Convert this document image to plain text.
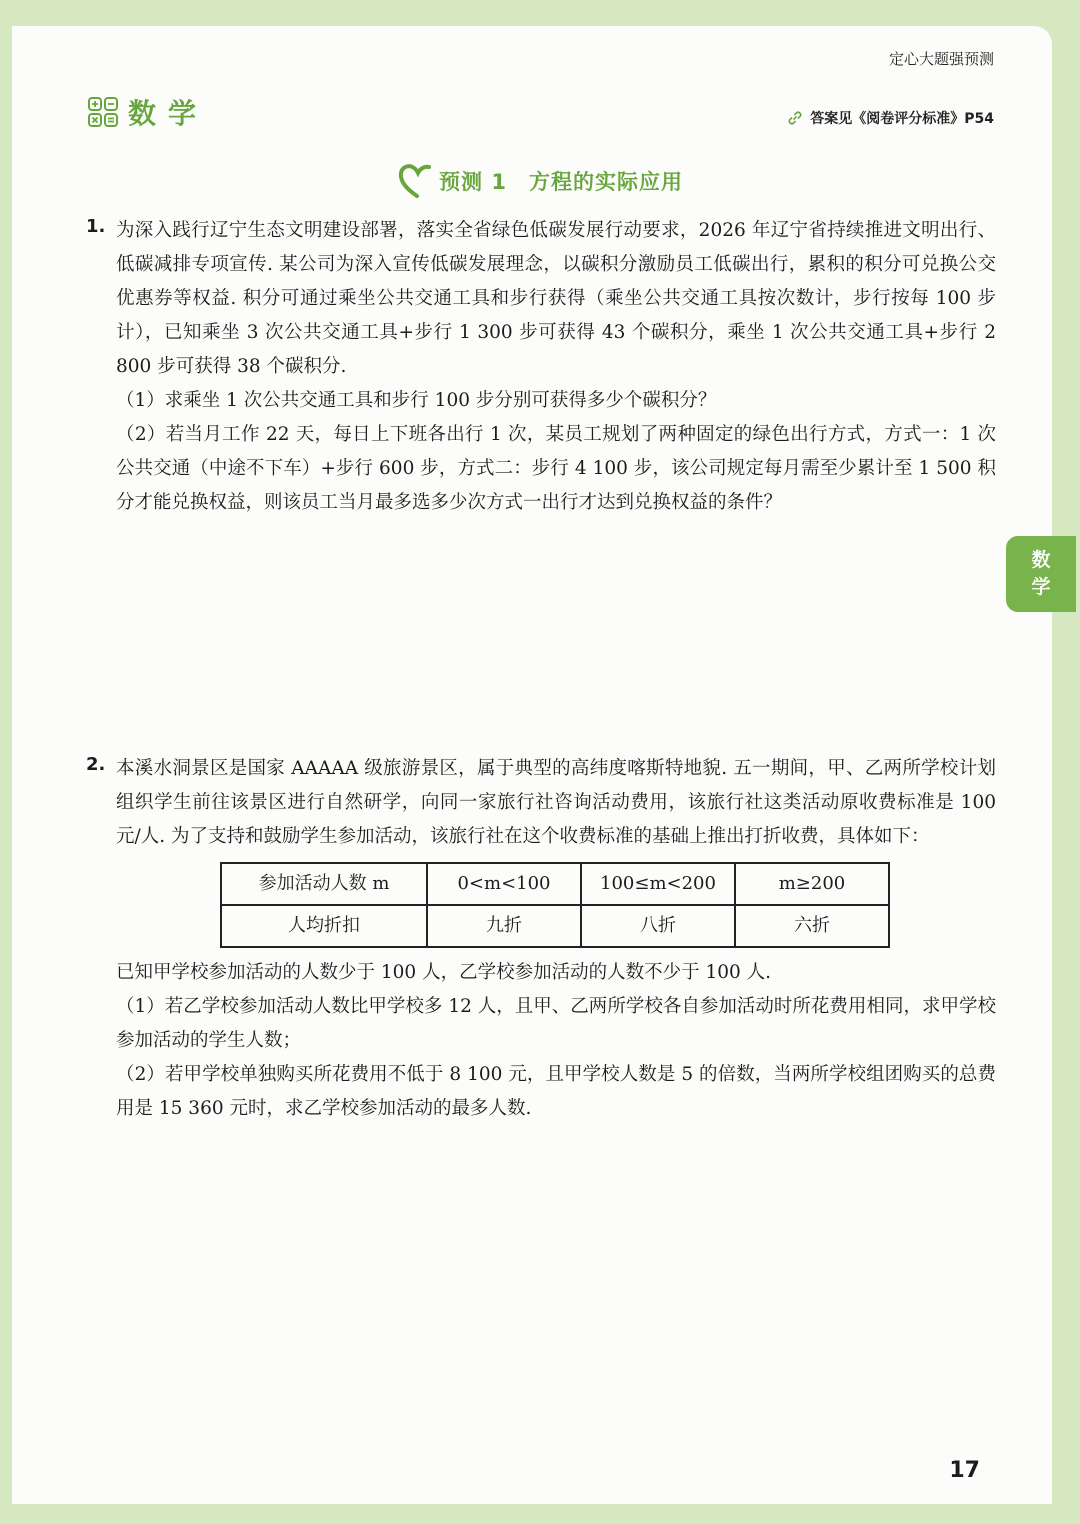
定心大题强预测
数学	答案见《阅卷评分标准》P54
预测 1 方程的实际应用
数学
1. 为深入践行辽宁生态文明建设部署，落实全省绿色低碳发展行动要求，2026 年辽宁省持续推进文明出行、低碳减排专项宣传. 某公司为深入宣传低碳发展理念，以碳积分激励员工低碳出行，累积的积分可兑换公交优惠券等权益. 积分可通过乘坐公共交通工具和步行获得（乘坐公共交通工具按次数计，步行按每 100 步计），已知乘坐 3 次公共交通工具+步行 1 300 步可获得 43 个碳积分，乘坐 1 次公共交通工具+步行 2 800 步可获得 38 个碳积分.

（1）求乘坐 1 次公共交通工具和步行 100 步分别可获得多少个碳积分？

（2）若当月工作 22 天，每日上下班各出行 1 次，某员工规划了两种固定的绿色出行方式，方式一：1 次公共交通（中途不下车）+步行 600 步，方式二：步行 4 100 步，该公司规定每月需至少累计至 1 500 积分才能兑换权益，则该员工当月最多选多少次方式一出行才达到兑换权益的条件？

2. 本溪水洞景区是国家 AAAAA 级旅游景区，属于典型的高纬度喀斯特地貌. 五一期间，甲、乙两所学校计划组织学生前往该景区进行自然研学，向同一家旅行社咨询活动费用，该旅行社这类活动原收费标准是 100 元/人. 为了支持和鼓励学生参加活动，该旅行社在这个收费标准的基础上推出打折收费，具体如下：

参加活动人数 m	0<m<100	100≤m<200	m≥200
人均折扣	九折	八折	六折

已知甲学校参加活动的人数少于 100 人，乙学校参加活动的人数不少于 100 人.

（1）若乙学校参加活动人数比甲学校多 12 人，且甲、乙两所学校各自参加活动时所花费用相同，求甲学校参加活动的学生人数；

（2）若甲学校单独购买所花费用不低于 8 100 元，且甲学校人数是 5 的倍数，当两所学校组团购买的总费用是 15 360 元时，求乙学校参加活动的最多人数.

17
